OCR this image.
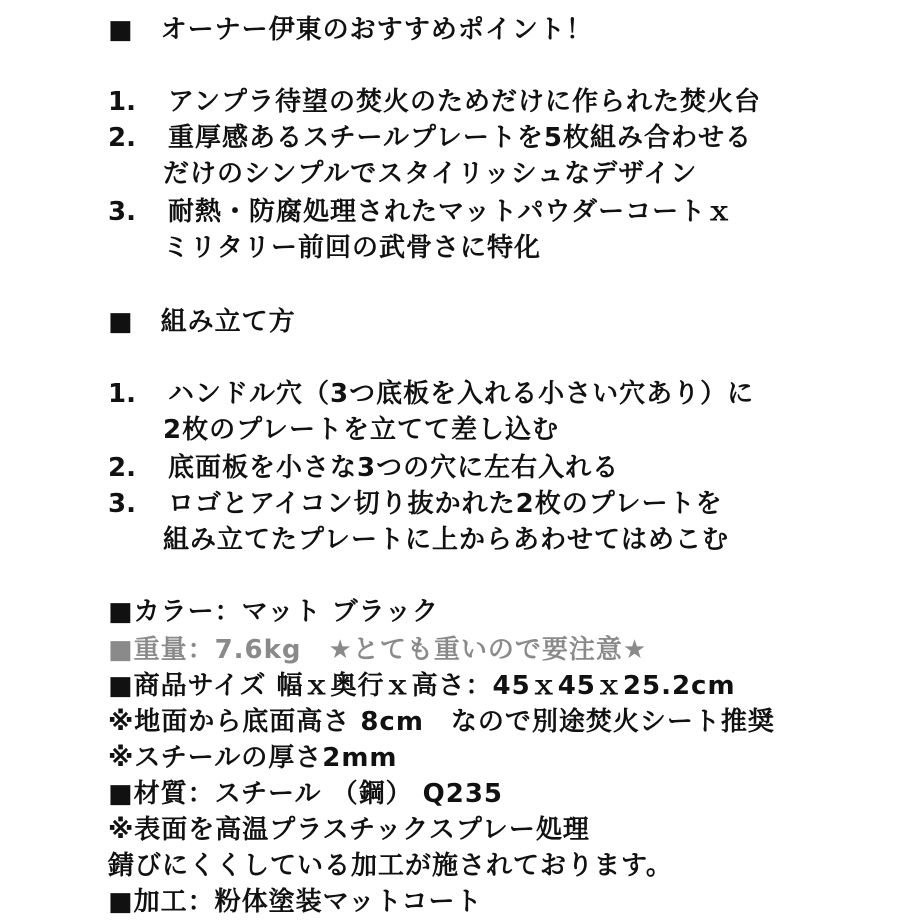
■　オーナー伊東のおすすめポイント！
1. アンプラ待望の焚火のためだけに作られた焚火台
2. 重厚感あるスチールプレートを5枚組み合わせる
だけのシンプルでスタイリッシュなデザイン
3. 耐熱・防腐処理されたマットパウダーコートｘ
ミリタリー前回の武骨さに特化
■　組み立て方
1. ハンドル穴（3つ底板を入れる小さい穴あり）に
2枚のプレートを立てて差し込む
2. 底面板を小さな3つの穴に左右入れる
3. ロゴとアイコン切り抜かれた2枚のプレートを
組み立てたプレートに上からあわせてはめこむ
■カラー：マット ブラック
■重量：7.6kg　★とても重いので要注意★
■商品サイズ 幅ｘ奥行ｘ高さ：45ｘ45ｘ25.2cm
※地面から底面高さ 8cm　なので別途焚火シート推奨
※スチールの厚さ2mm
■材質：スチール （鋼） Q235
※表面を高温プラスチックスプレー処理
錆びにくくしている加工が施されております。
■加工：粉体塗装マットコート
